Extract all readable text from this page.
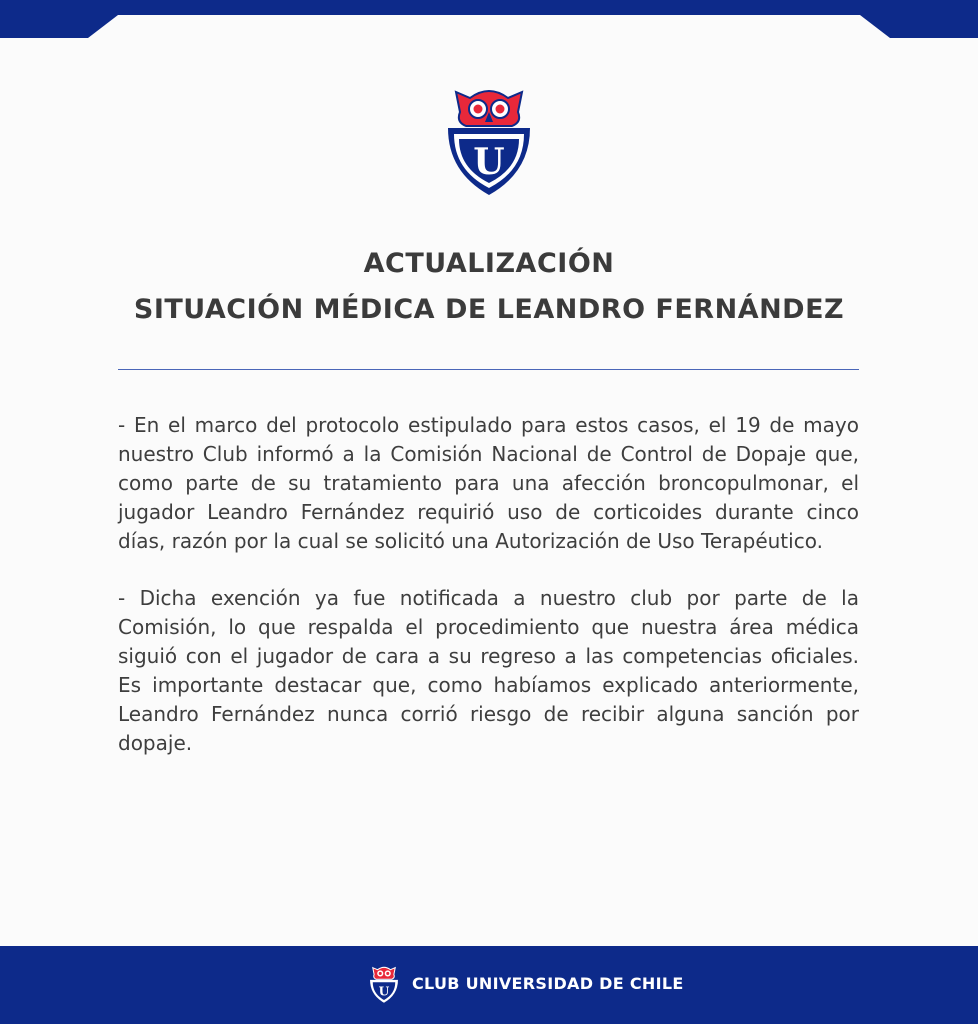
U
ACTUALIZACIÓN
SITUACIÓN MÉDICA DE LEANDRO FERNÁNDEZ

- En el marco del protocolo estipulado para estos casos, el 19 de mayo nuestro Club informó a la Comisión Nacional de Control de Dopaje que, como parte de su tratamiento para una afección broncopulmonar, el jugador Leandro Fernández requirió uso de corticoides durante cinco días, razón por la cual se solicitó una Autorización de Uso Terapéutico.

- Dicha exención ya fue notificada a nuestro club por parte de la Comisión, lo que respalda el procedimiento que nuestra área médica siguió con el jugador de cara a su regreso a las competencias oficiales. Es importante destacar que, como habíamos explicado anteriormente, Leandro Fernández nunca corrió riesgo de recibir alguna sanción por dopaje.

U CLUB UNIVERSIDAD DE CHILE
